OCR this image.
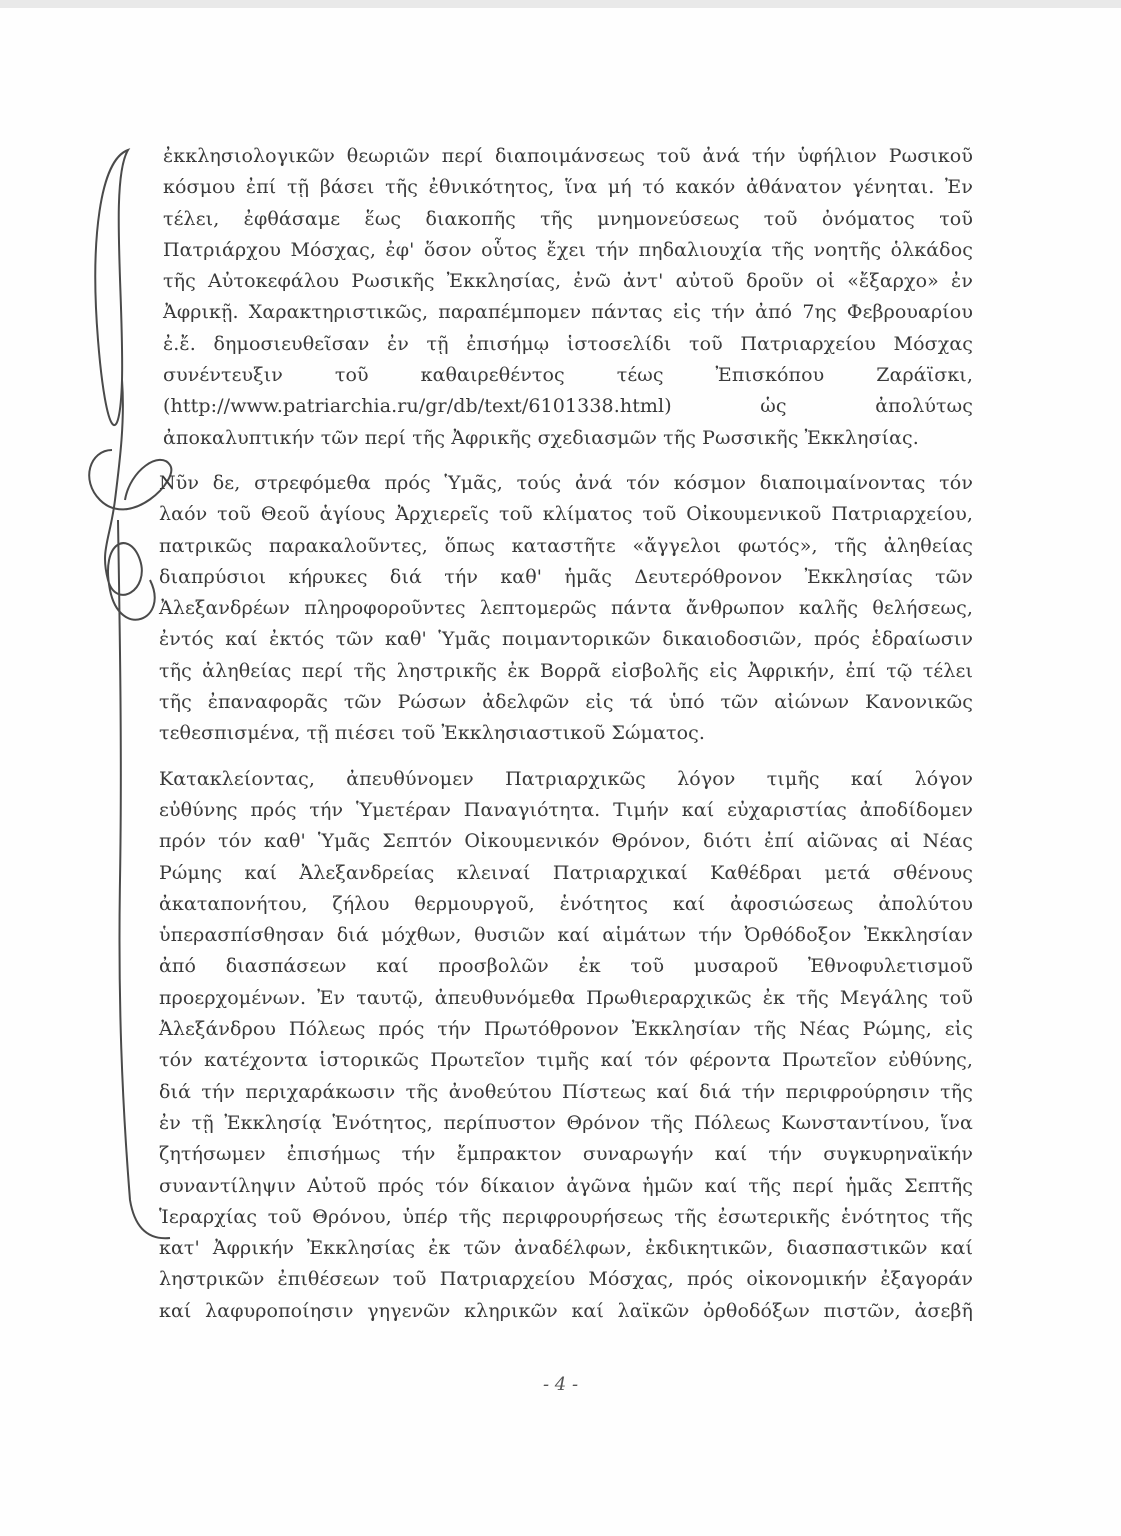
ἐκκλησιολογικῶν θεωριῶν περί διαποιμάνσεως τοῦ ἀνά τήν ὑφήλιον Ρωσικοῦ
κόσμου ἐπί τῇ βάσει τῆς ἐθνικότητος, ἵνα μή τό κακόν ἀθάνατον γένηται. Ἐν
τέλει, ἐφθάσαμε ἕως διακοπῆς τῆς μνημονεύσεως τοῦ ὀνόματος τοῦ
Πατριάρχου Μόσχας, ἐφ' ὅσον οὗτος ἔχει τήν πηδαλιουχία τῆς νοητῆς ὁλκάδος
τῆς Αὐτοκεφάλου Ρωσικῆς Ἐκκλησίας, ἐνῶ ἀντ' αὐτοῦ δροῦν οἱ «ἔξαρχο» ἐν
Ἀφρικῇ. Χαρακτηριστικῶς, παραπέμπομεν πάντας εἰς τήν ἀπό 7ης Φεβρουαρίου
ἐ.ἔ. δημοσιευθεῖσαν ἐν τῇ ἐπισήμῳ ἱστοσελίδι τοῦ Πατριαρχείου Μόσχας
συνέντευξιν τοῦ καθαιρεθέντος τέως Ἐπισκόπου Ζαράϊσκι,
(http://www.patriarchia.ru/gr/db/text/6101338.html) ὡς ἀπολύτως
ἀποκαλυπτικήν τῶν περί τῆς Ἀφρικῆς σχεδιασμῶν τῆς Ρωσσικῆς Ἐκκλησίας.
Νῦν δε, στρεφόμεθα πρός Ὑμᾶς, τούς ἀνά τόν κόσμον διαποιμαίνοντας τόν
λαόν τοῦ Θεοῦ ἁγίους Ἀρχιερεῖς τοῦ κλίματος τοῦ Οἰκουμενικοῦ Πατριαρχείου,
πατρικῶς παρακαλοῦντες, ὅπως καταστῆτε «ἄγγελοι φωτός», τῆς ἀληθείας
διαπρύσιοι κήρυκες διά τήν καθ' ἡμᾶς Δευτερόθρονον Ἐκκλησίας τῶν
Ἀλεξανδρέων πληροφοροῦντες λεπτομερῶς πάντα ἄνθρωπον καλῆς θελήσεως,
ἐντός καί ἐκτός τῶν καθ' Ὑμᾶς ποιμαντορικῶν δικαιοδοσιῶν, πρός ἑδραίωσιν
τῆς ἀληθείας περί τῆς ληστρικῆς ἐκ Βορρᾶ εἰσβολῆς εἰς Ἀφρικήν, ἐπί τῷ τέλει
τῆς ἐπαναφορᾶς τῶν Ρώσων ἀδελφῶν εἰς τά ὑπό τῶν αἰώνων Κανονικῶς
τεθεσπισμένα, τῇ πιέσει τοῦ Ἐκκλησιαστικοῦ Σώματος.
Κατακλείοντας, ἀπευθύνομεν Πατριαρχικῶς λόγον τιμῆς καί λόγον
εὐθύνης πρός τήν Ὑμετέραν Παναγιότητα. Τιμήν καί εὐχαριστίας ἀποδίδομεν
πρόν τόν καθ' Ὑμᾶς Σεπτόν Οἰκουμενικόν Θρόνον, διότι ἐπί αἰῶνας αἱ Νέας
Ρώμης καί Ἀλεξανδρείας κλειναί Πατριαρχικαί Καθέδραι μετά σθένους
ἀκαταπονήτου, ζήλου θερμουργοῦ, ἑνότητος καί ἀφοσιώσεως ἀπολύτου
ὑπερασπίσθησαν διά μόχθων, θυσιῶν καί αἱμάτων τήν Ὀρθόδοξον Ἐκκλησίαν
ἀπό διασπάσεων καί προσβολῶν ἐκ τοῦ μυσαροῦ Ἐθνοφυλετισμοῦ
προερχομένων. Ἐν ταυτῷ, ἀπευθυνόμεθα Πρωθιεραρχικῶς ἐκ τῆς Μεγάλης τοῦ
Ἀλεξάνδρου Πόλεως πρός τήν Πρωτόθρονον Ἐκκλησίαν τῆς Νέας Ρώμης, εἰς
τόν κατέχοντα ἱστορικῶς Πρωτεῖον τιμῆς καί τόν φέροντα Πρωτεῖον εὐθύνης,
διά τήν περιχαράκωσιν τῆς ἀνοθεύτου Πίστεως καί διά τήν περιφρούρησιν τῆς
ἐν τῇ Ἐκκλησίᾳ Ἑνότητος, περίπυστον Θρόνον τῆς Πόλεως Κωνσταντίνου, ἵνα
ζητήσωμεν ἐπισήμως τήν ἔμπρακτον συναρωγήν καί τήν συγκυρηναϊκήν
συναντίληψιν Αὐτοῦ πρός τόν δίκαιον ἀγῶνα ἡμῶν καί τῆς περί ἡμᾶς Σεπτῆς
Ἱεραρχίας τοῦ Θρόνου, ὑπέρ τῆς περιφρουρήσεως τῆς ἐσωτερικῆς ἑνότητος τῆς
κατ' Ἀφρικήν Ἐκκλησίας ἐκ τῶν ἀναδέλφων, ἐκδικητικῶν, διασπαστικῶν καί
ληστρικῶν ἐπιθέσεων τοῦ Πατριαρχείου Μόσχας, πρός οἰκονομικήν ἐξαγοράν
καί λαφυροποίησιν γηγενῶν κληρικῶν καί λαϊκῶν ὀρθοδόξων πιστῶν, ἀσεβῆ
- 4 -
